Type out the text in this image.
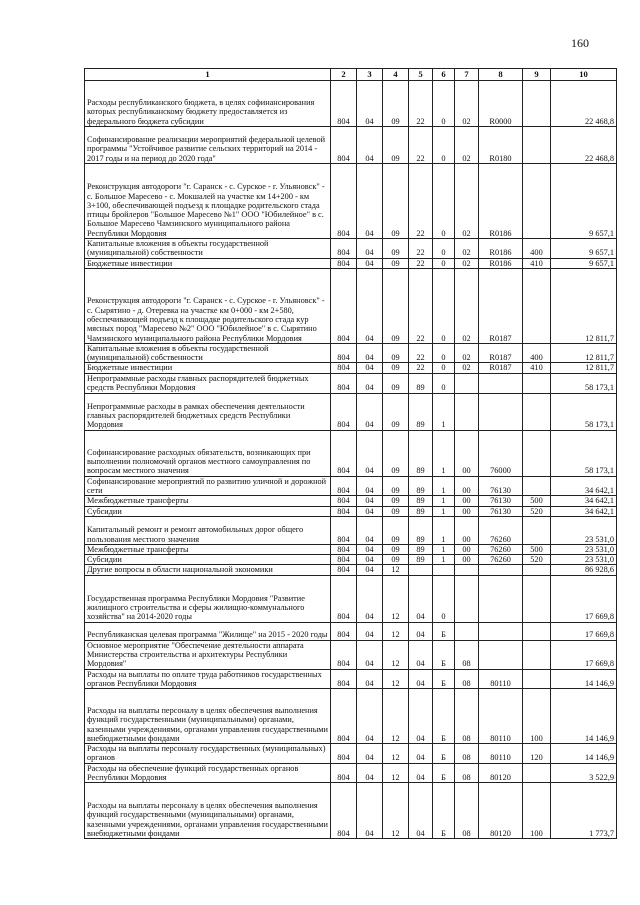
160
1	2	3	4	5	6	7	8	9	10
Расходы республиканского бюджета, в целях софинансирования которых республиканскому бюджету предоставляется из федерального бюджета субсидии	804	04	09	22	0	02	R0000		22 468,8
Софинансирование реализации мероприятий федеральной целевой программы "Устойчивое развитие сельских территорий на 2014 - 2017 годы и на период до 2020 года"	804	04	09	22	0	02	R0180		22 468,8
Реконструкция автодороги "г. Саранск - с. Сурское - г. Ульяновск" - с. Большое Маресево - с. Мокшалей на участке км 14+200 - км 3+100, обеспечивающей подъезд к площадке родительского стада птицы бройлеров "Большое Маресево №1" ООО "Юбилейное" в с. Большое Маресево Чамзинского муниципального района Республики Мордовия	804	04	09	22	0	02	R0186		9 657,1
Капитальные вложения в объекты государственной (муниципальной) собственности	804	04	09	22	0	02	R0186	400	9 657,1
Бюджетные инвестиции	804	04	09	22	0	02	R0186	410	9 657,1
Реконструкция автодороги "г. Саранск - с. Сурское - г. Ульяновск" - с. Сырятино - д. Отеревка на участке км 0+000 - км 2+580, обеспечивающей подъезд к площадке родительского стада кур мясных пород "Маресево №2" ООО "Юбилейное" в с. Сырятино Чамзинского муниципального района Республики Мордовия	804	04	09	22	0	02	R0187		12 811,7
Капитальные вложения в объекты государственной (муниципальной) собственности	804	04	09	22	0	02	R0187	400	12 811,7
Бюджетные инвестиции	804	04	09	22	0	02	R0187	410	12 811,7
Непрограммные расходы главных распорядителей бюджетных средств Республики Мордовия	804	04	09	89	0				58 173,1
Непрограммные расходы в рамках обеспечения деятельности главных распорядителей бюджетных средств Республики Мордовия	804	04	09	89	1				58 173,1
Софинансирование расходных обязательств, возникающих при выполнении полномочий органов местного самоуправления по вопросам местного значения	804	04	09	89	1	00	76000		58 173,1
Софинансирование мероприятий по развитию уличной и дорожной сети	804	04	09	89	1	00	76130		34 642,1
Межбюджетные трансферты	804	04	09	89	1	00	76130	500	34 642,1
Субсидии	804	04	09	89	1	00	76130	520	34 642,1
Капитальный ремонт и ремонт автомобильных дорог общего пользования местного значения	804	04	09	89	1	00	76260		23 531,0
Межбюджетные трансферты	804	04	09	89	1	00	76260	500	23 531,0
Субсидии	804	04	09	89	1	00	76260	520	23 531,0
Другие вопросы в области национальной экономики	804	04	12						86 928,6
Государственная программа Республики Мордовия "Развитие жилищного строительства и сферы жилищно-коммунального хозяйства" на 2014-2020 годы	804	04	12	04	0				17 669,8
Республиканская целевая программа "Жилище" на 2015 - 2020 годы	804	04	12	04	Б				17 669,8
Основное мероприятие "Обеспечение деятельности аппарата Министерства строительства и архитектуры Республики Мордовия"	804	04	12	04	Б	08			17 669,8
Расходы на выплаты по оплате труда работников государственных органов Республики Мордовия	804	04	12	04	Б	08	80110		14 146,9
Расходы на выплаты персоналу в целях обеспечения выполнения функций государственными (муниципальными) органами, казенными учреждениями, органами управления государственными внебюджетными фондами	804	04	12	04	Б	08	80110	100	14 146,9
Расходы на выплаты персоналу государственных (муниципальных) органов	804	04	12	04	Б	08	80110	120	14 146,9
Расходы на обеспечение функций государственных органов Республики Мордовия	804	04	12	04	Б	08	80120		3 522,9
Расходы на выплаты персоналу в целях обеспечения выполнения функций государственными (муниципальными) органами, казенными учреждениями, органами управления государственными внебюджетными фондами	804	04	12	04	Б	08	80120	100	1 773,7
